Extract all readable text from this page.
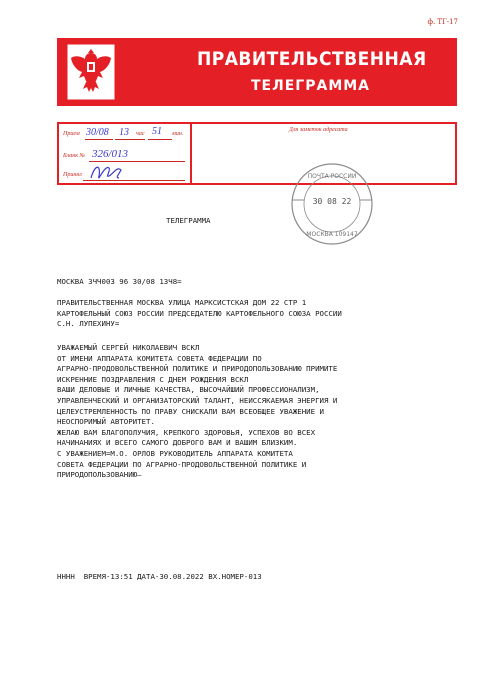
ф. ТГ-17
ПРАВИТЕЛЬСТВЕННАЯ
ТЕЛЕГРАММА
Прием 30/08 13 час 51 мин.
Бланк № 326/013
Принял
Для заметок адресата
ПОЧТА РОССИИ
30 08 22
МОСКВА 109147
ТЕЛЕГРАММА
МОСКВА 3ЧЧ003 96 30/08 13Ч8=
ПРАВИТЕЛЬСТВЕННАЯ МОСКВА УЛИЦА МАРКСИСТСКАЯ ДОМ 22 СТР 1
КАРТОФЕЛЬНЫЙ СОЮЗ РОССИИ ПРЕДСЕДАТЕЛЮ КАРТОФЕЛЬНОГО СОЮЗА РОССИИ
С.Н. ЛУПЕХИНУ=
УВАЖАЕМЫЙ СЕРГЕЙ НИКОЛАЕВИЧ ВСКЛ
ОТ ИМЕНИ АППАРАТА КОМИТЕТА СОВЕТА ФЕДЕРАЦИИ ПО
АГРАРНО-ПРОДОВОЛЬСТВЕННОЙ ПОЛИТИКЕ И ПРИРОДОПОЛЬЗОВАНИЮ ПРИМИТЕ
ИСКРЕННИЕ ПОЗДРАВЛЕНИЯ С ДНЕМ РОЖДЕНИЯ ВСКЛ
ВАШИ ДЕЛОВЫЕ И ЛИЧНЫЕ КАЧЕСТВА, ВЫСОЧАЙШИЙ ПРОФЕССИОНАЛИЗМ,
УПРАВЛЕНЧЕСКИЙ И ОРГАНИЗАТОРСКИЙ ТАЛАНТ, НЕИССЯКАЕМАЯ ЭНЕРГИЯ И
ЦЕЛЕУСТРЕМЛЕННОСТЬ ПО ПРАВУ СНИСКАЛИ ВАМ ВСЕОБЩЕЕ УВАЖЕНИЕ И
НЕОСПОРИМЫЙ АВТОРИТЕТ.
ЖЕЛАЮ ВАМ БЛАГОПОЛУЧИЯ, КРЕПКОГО ЗДОРОВЬЯ, УСПЕХОВ ВО ВСЕХ
НАЧИНАНИЯХ И ВСЕГО САМОГО ДОБРОГО ВАМ И ВАШИМ БЛИЗКИМ.
С УВАЖЕНИЕМ=М.О. ОРЛОВ РУКОВОДИТЕЛЬ АППАРАТА КОМИТЕТА
СОВЕТА ФЕДЕРАЦИИ ПО АГРАРНО-ПРОДОВОЛЬСТВЕННОЙ ПОЛИТИКЕ И
ПРИРОДОПОЛЬЗОВАНИЮ—
НННН  ВРЕМЯ-13:51 ДАТА-30.08.2022 ВХ.НОМЕР-013
